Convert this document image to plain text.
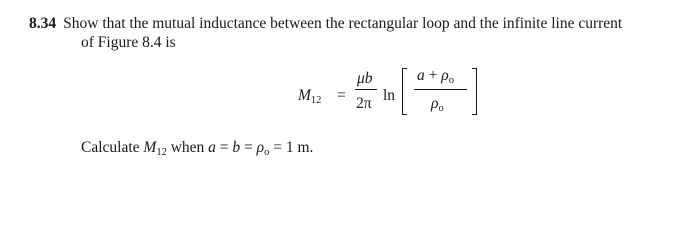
8.34 Show that the mutual inductance between the rectangular loop and the infinite line current
of Figure 8.4 is
$M_{12}$ =
μb
2π ln
$a + \rho_o$
$\rho_o$
Calculate $M_{12}$ when $a = b = \rho_o = 1$ m.
